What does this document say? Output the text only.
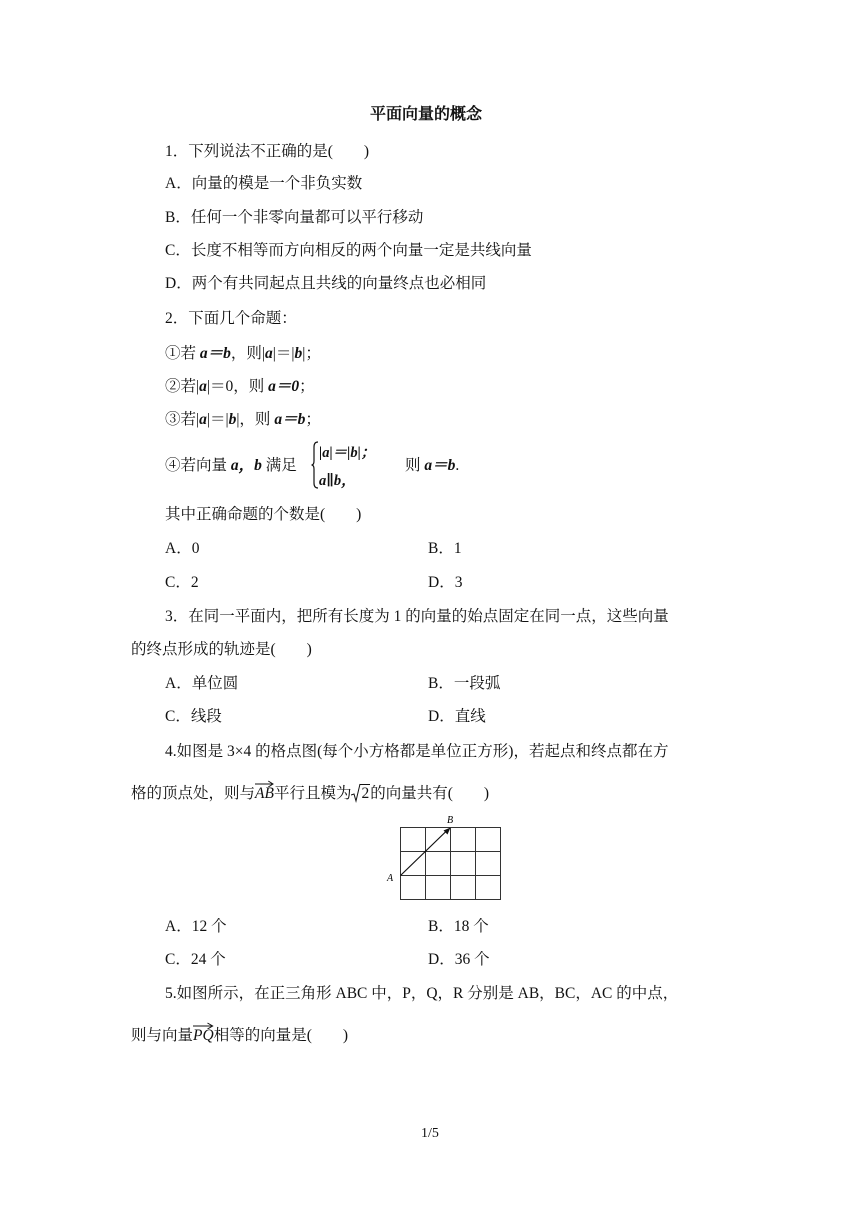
平面向量的概念
1．下列说法不正确的是(　　)
A．向量的模是一个非负实数
B．任何一个非零向量都可以平行移动
C．长度不相等而方向相反的两个向量一定是共线向量
D．两个有共同起点且共线的向量终点也必相同
2．下面几个命题：
①若 a＝b，则|a|＝|b|；
②若|a|＝0，则 a＝0；
③若|a|＝|b|，则 a＝b；
④若向量 a，b 满足
|a|＝|b|；
a∥b，
则 a＝b.
其中正确命题的个数是(　　)
A．0	B．1
C．2	D．3
3．在同一平面内，把所有长度为 1 的向量的始点固定在同一点，这些向量
的终点形成的轨迹是(　　)
A．单位圆	B．一段弧
C．线段	D．直线
4.如图是 3×4 的格点图(每个小方格都是单位正方形)，若起点和终点都在方
格的顶点处，则与
AB平行且模为 2的向量共有(　　)
A
B
A．12 个	B．18 个
C．24 个	D．36 个
5.如图所示，在正三角形 ABC 中，P，Q，R 分别是 AB，BC，AC 的中点，
则与向量
PQ相等的向量是(　　)
1/5
